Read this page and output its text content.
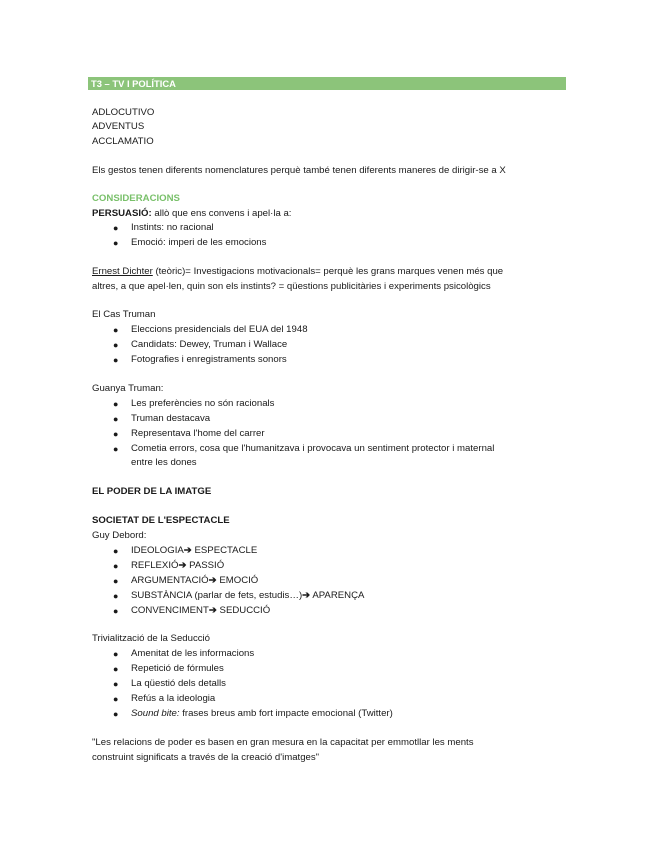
T3 – TV I POLÍTICA
ADLOCUTIVO
ADVENTUS
ACCLAMATIO
Els gestos tenen diferents nomenclatures perquè també tenen diferents maneres de dirigir-se a X
CONSIDERACIONS
PERSUASIÓ: allò que ens convens i apel·la a:
● Instints: no racional
● Emoció: imperi de les emocions
Ernest Dichter (teòric)= Investigacions motivacionals= perquè les grans marques venen més que
altres, a que apel·len, quin son els instints? = qüestions publicitàries i experiments psicològics
El Cas Truman
● Eleccions presidencials del EUA del 1948
● Candidats: Dewey, Truman i Wallace
● Fotografies i enregistraments sonors
Guanya Truman:
● Les preferències no són racionals
● Truman destacava
● Representava l'home del carrer
● Cometia errors, cosa que l'humanitzava i provocava un sentiment protector i maternal
entre les dones
EL PODER DE LA IMATGE
SOCIETAT DE L'ESPECTACLE
Guy Debord:
● IDEOLOGIA➔ ESPECTACLE
● REFLEXIÓ➔ PASSIÓ
● ARGUMENTACIÓ➔ EMOCIÓ
● SUBSTÀNCIA (parlar de fets, estudis…)➔ APARENÇA
● CONVENCIMENT➔ SEDUCCIÓ
Trivialització de la Seducció
● Amenitat de les informacions
● Repetició de fórmules
● La qüestió dels detalls
● Refús a la ideologia
● Sound bite: frases breus amb fort impacte emocional (Twitter)
"Les relacions de poder es basen en gran mesura en la capacitat per emmotllar les ments
construint significats a través de la creació d'imatges"
